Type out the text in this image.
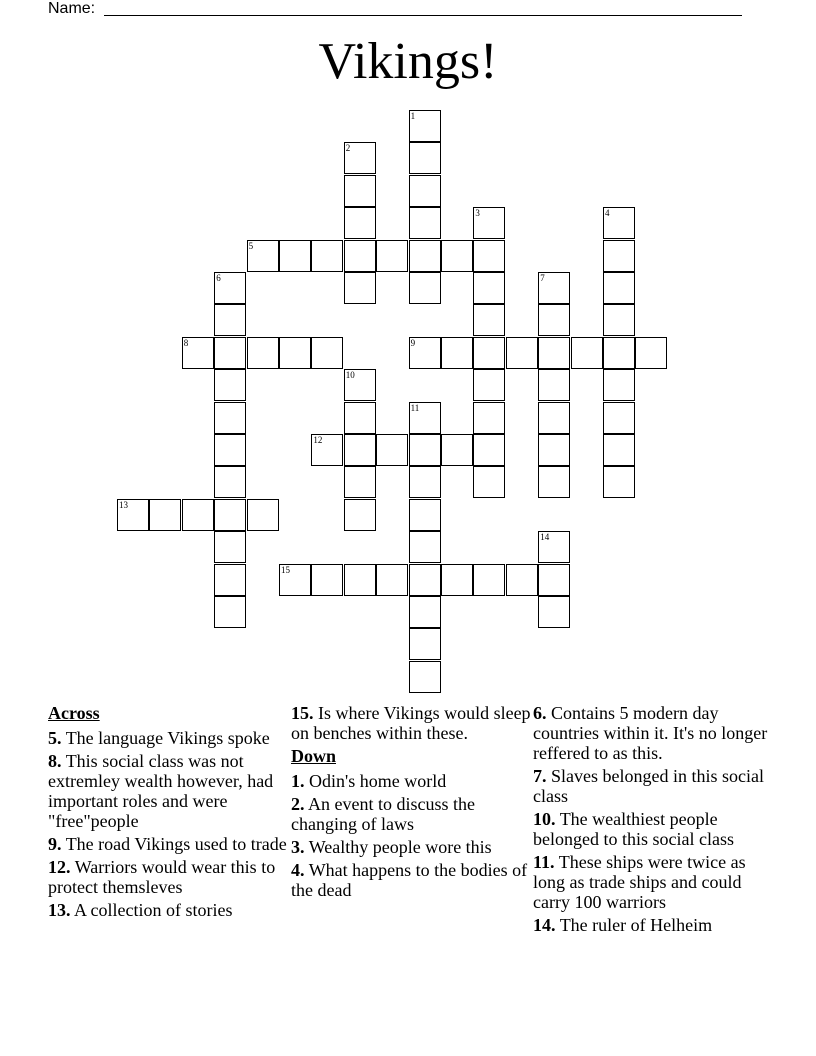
Name:
Vikings!
1
2
3	4
5
6	7
8	9
10
11
12
13
14
15
Across
5. The language Vikings spoke
8. This social class was not extremley wealth however, had important roles and were "free"people
9. The road Vikings used to trade
12. Warriors would wear this to protect themsleves
13. A collection of stories
15. Is where Vikings would sleep on benches within these.
Down
1. Odin's home world
2. An event to discuss the changing of laws
3. Wealthy people wore this
4. What happens to the bodies of the dead
6. Contains 5 modern day countries within it. It's no longer reffered to as this.
7. Slaves belonged in this social class
10. The wealthiest people belonged to this social class
11. These ships were twice as long as trade ships and could carry 100 warriors
14. The ruler of Helheim
